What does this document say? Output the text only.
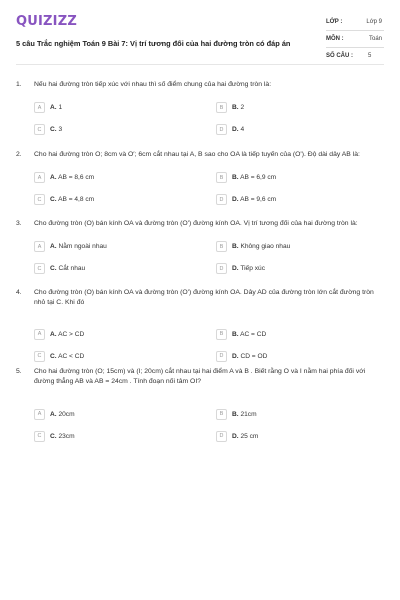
QUIZIZZ
5 câu Trắc nghiệm Toán 9 Bài 7: Vị trí tương đối của hai đường tròn có đáp án
LỚP :	Lớp 9
MÔN :	Toán
SỐ CÂU :	5
1.	Nếu hai đường tròn tiếp xúc với nhau thì số điểm chung của hai đường tròn là:
A	A. 1	B	B. 2
C	C. 3	D	D. 4
2.	Cho hai đường tròn O; 8cm và O′; 6cm cắt nhau tại A, B sao cho OA là tiếp tuyến của (O'). Độ dài dây AB là:
A	A. AB = 8,6 cm	B	B. AB = 6,9 cm
C	C. AB = 4,8 cm	D	D. AB = 9,6 cm
3.	Cho đường tròn (O) bán kính OA và đường tròn (O') đường kính OA. Vị trí tương đối của hai đường tròn là:
A	A. Nằm ngoài nhau	B	B. Không giao nhau
C	C. Cắt nhau	D	D. Tiếp xúc
4.	Cho đường tròn (O) bán kính OA và đường tròn (O') đường kính OA. Dây AD của đường tròn lớn cắt đường tròn nhỏ tại C. Khi đó
A	A. AC > CD	B	B. AC = CD
C	C. AC < CD	D	D. CD = OD
5.	Cho hai đường tròn (O; 15cm) và (I; 20cm) cắt nhau tại hai điểm A và B . Biết rằng O và I nằm hai phía đối với đường thẳng AB và AB = 24cm . Tính đoạn nối tâm OI?
A	A. 20cm	B	B. 21cm
C	C. 23cm	D	D. 25 cm
